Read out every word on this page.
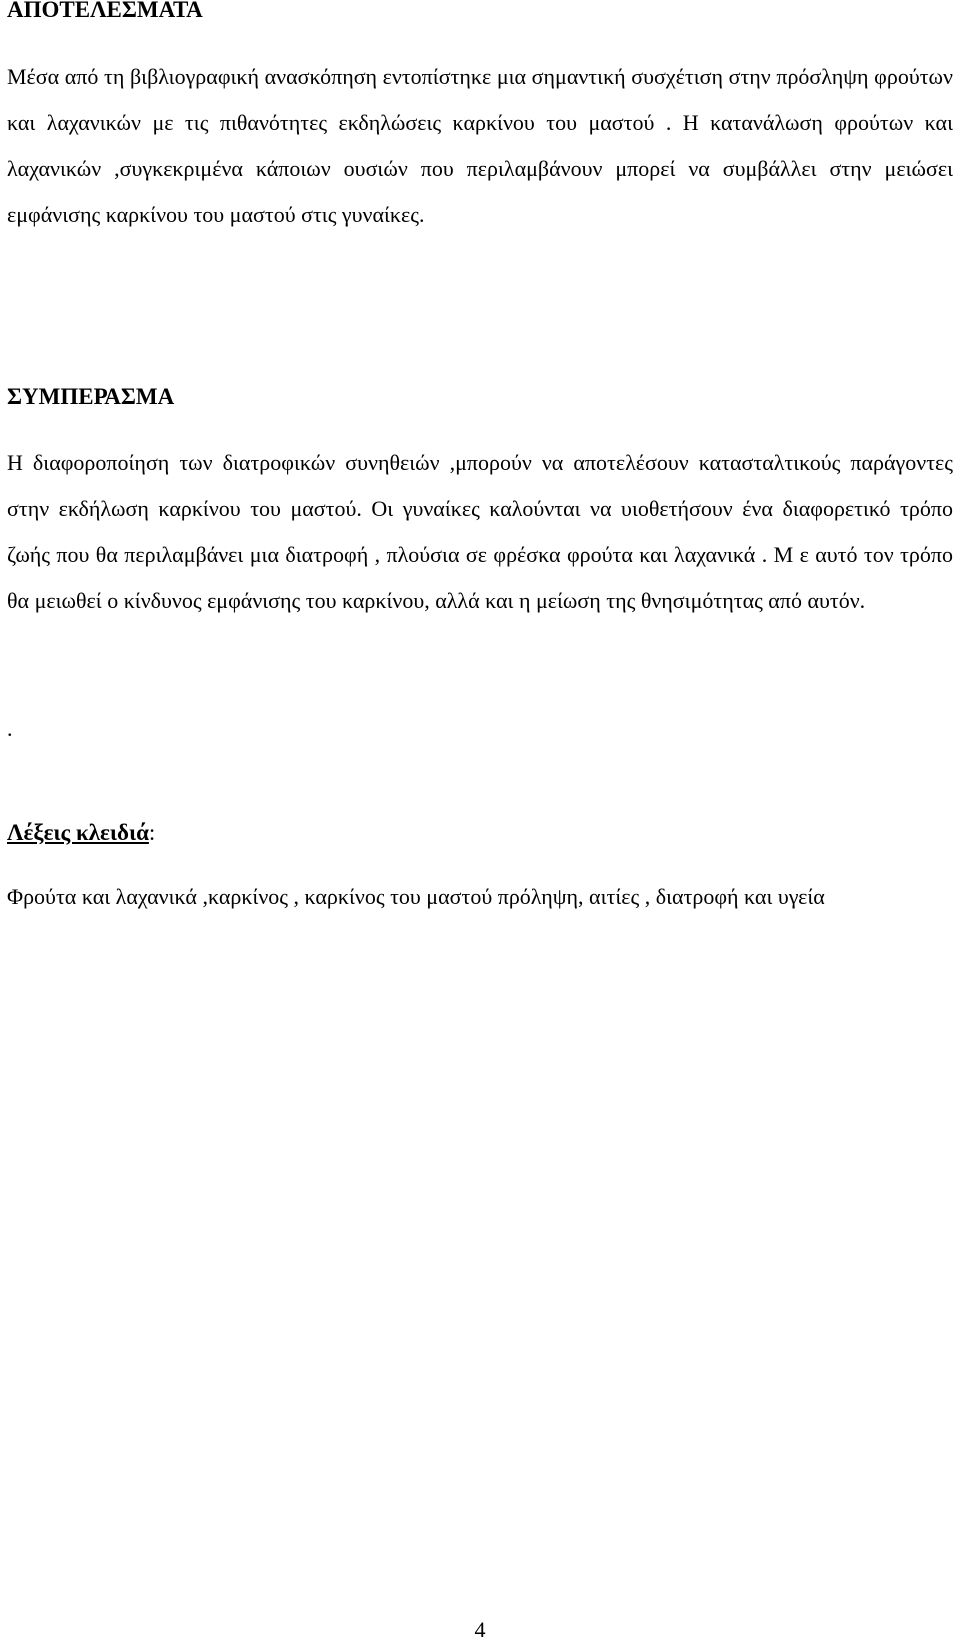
ΑΠΟΤΕΛΕΣΜΑΤΑ

Μέσα από τη βιβλιογραφική ανασκόπηση εντοπίστηκε μια σημαντική συσχέτιση στην πρόσληψη φρούτων και λαχανικών με τις πιθανότητες εκδηλώσεις καρκίνου του μαστού . Η κατανάλωση φρούτων και λαχανικών ,συγκεκριμένα κάποιων ουσιών που περιλαμβάνουν μπορεί να συμβάλλει στην μειώσει εμφάνισης καρκίνου του μαστού στις γυναίκες.

ΣΥΜΠΕΡΑΣΜΑ

Η διαφοροποίηση των διατροφικών συνηθειών ,μπορούν να αποτελέσουν κατασταλτικούς παράγοντες στην εκδήλωση καρκίνου του μαστού. Οι γυναίκες καλούνται να υιοθετήσουν ένα διαφορετικό τρόπο ζωής που θα περιλαμβάνει μια διατροφή , πλούσια σε φρέσκα φρούτα και λαχανικά . Μ ε αυτό τον τρόπο θα μειωθεί ο κίνδυνος εμφάνισης του καρκίνου, αλλά και η μείωση της θνησιμότητας από αυτόν.

.
Λέξεις κλειδιά:

Φρούτα και λαχανικά ,καρκίνος , καρκίνος του μαστού πρόληψη, αιτίες , διατροφή και υγεία

4
